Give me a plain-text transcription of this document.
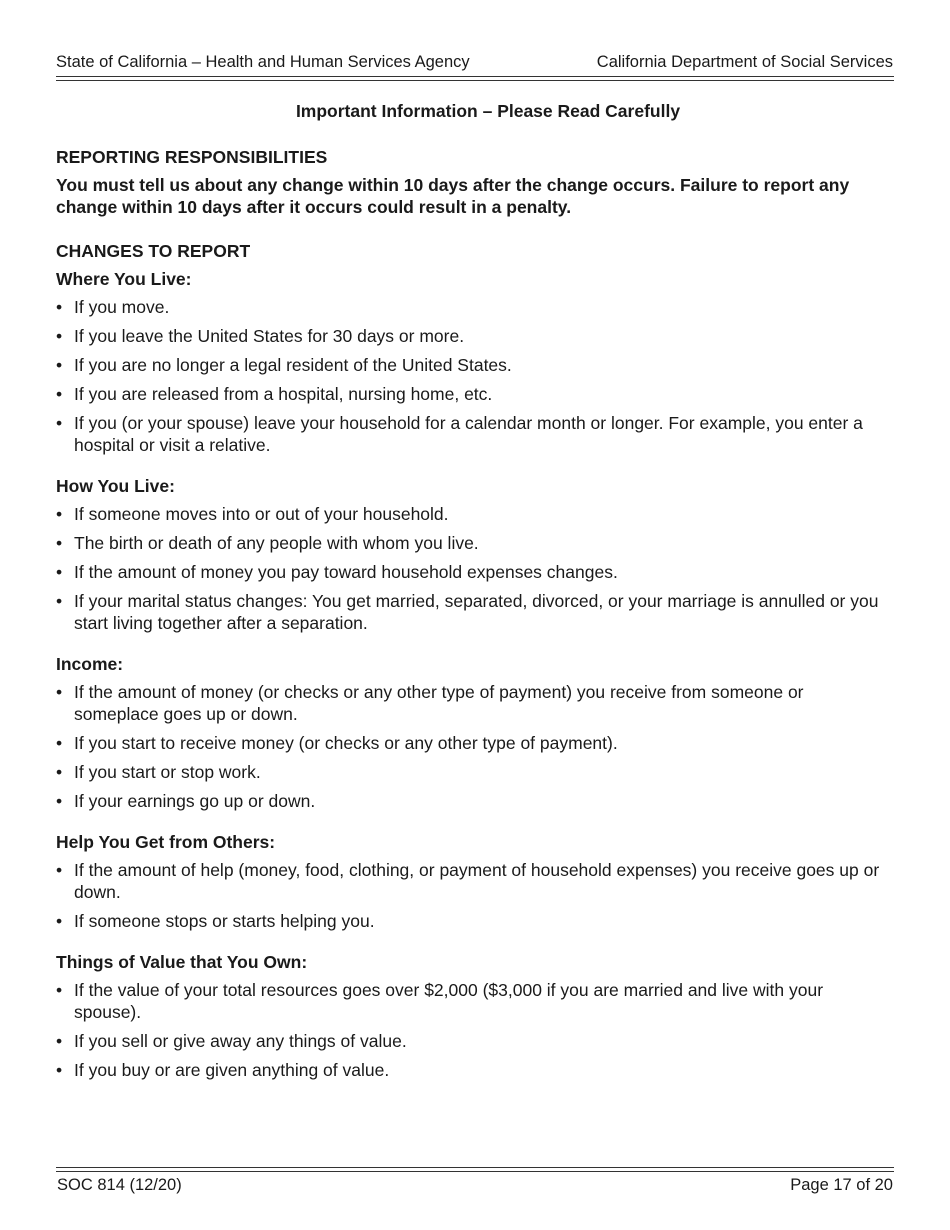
State of California – Health and Human Services Agency	California Department of Social Services

Important Information – Please Read Carefully

REPORTING RESPONSIBILITIES

You must tell us about any change within 10 days after the change occurs. Failure to report any change within 10 days after it occurs could result in a penalty.

CHANGES TO REPORT
Where You Live:
• If you move.
• If you leave the United States for 30 days or more.
• If you are no longer a legal resident of the United States.
• If you are released from a hospital, nursing home, etc.
• If you (or your spouse) leave your household for a calendar month or longer. For example, you enter a hospital or visit a relative.
How You Live:
• If someone moves into or out of your household.
• The birth or death of any people with whom you live.
• If the amount of money you pay toward household expenses changes.
• If your marital status changes: You get married, separated, divorced, or your marriage is annulled or you start living together after a separation.
Income:
• If the amount of money (or checks or any other type of payment) you receive from someone or someplace goes up or down.
• If you start to receive money (or checks or any other type of payment).
• If you start or stop work.
• If your earnings go up or down.
Help You Get from Others:
• If the amount of help (money, food, clothing, or payment of household expenses) you receive goes up or down.
• If someone stops or starts helping you.
Things of Value that You Own:
• If the value of your total resources goes over $2,000 ($3,000 if you are married and live with your spouse).
• If you sell or give away any things of value.
• If you buy or are given anything of value.
SOC 814 (12/20)	Page 17 of 20
